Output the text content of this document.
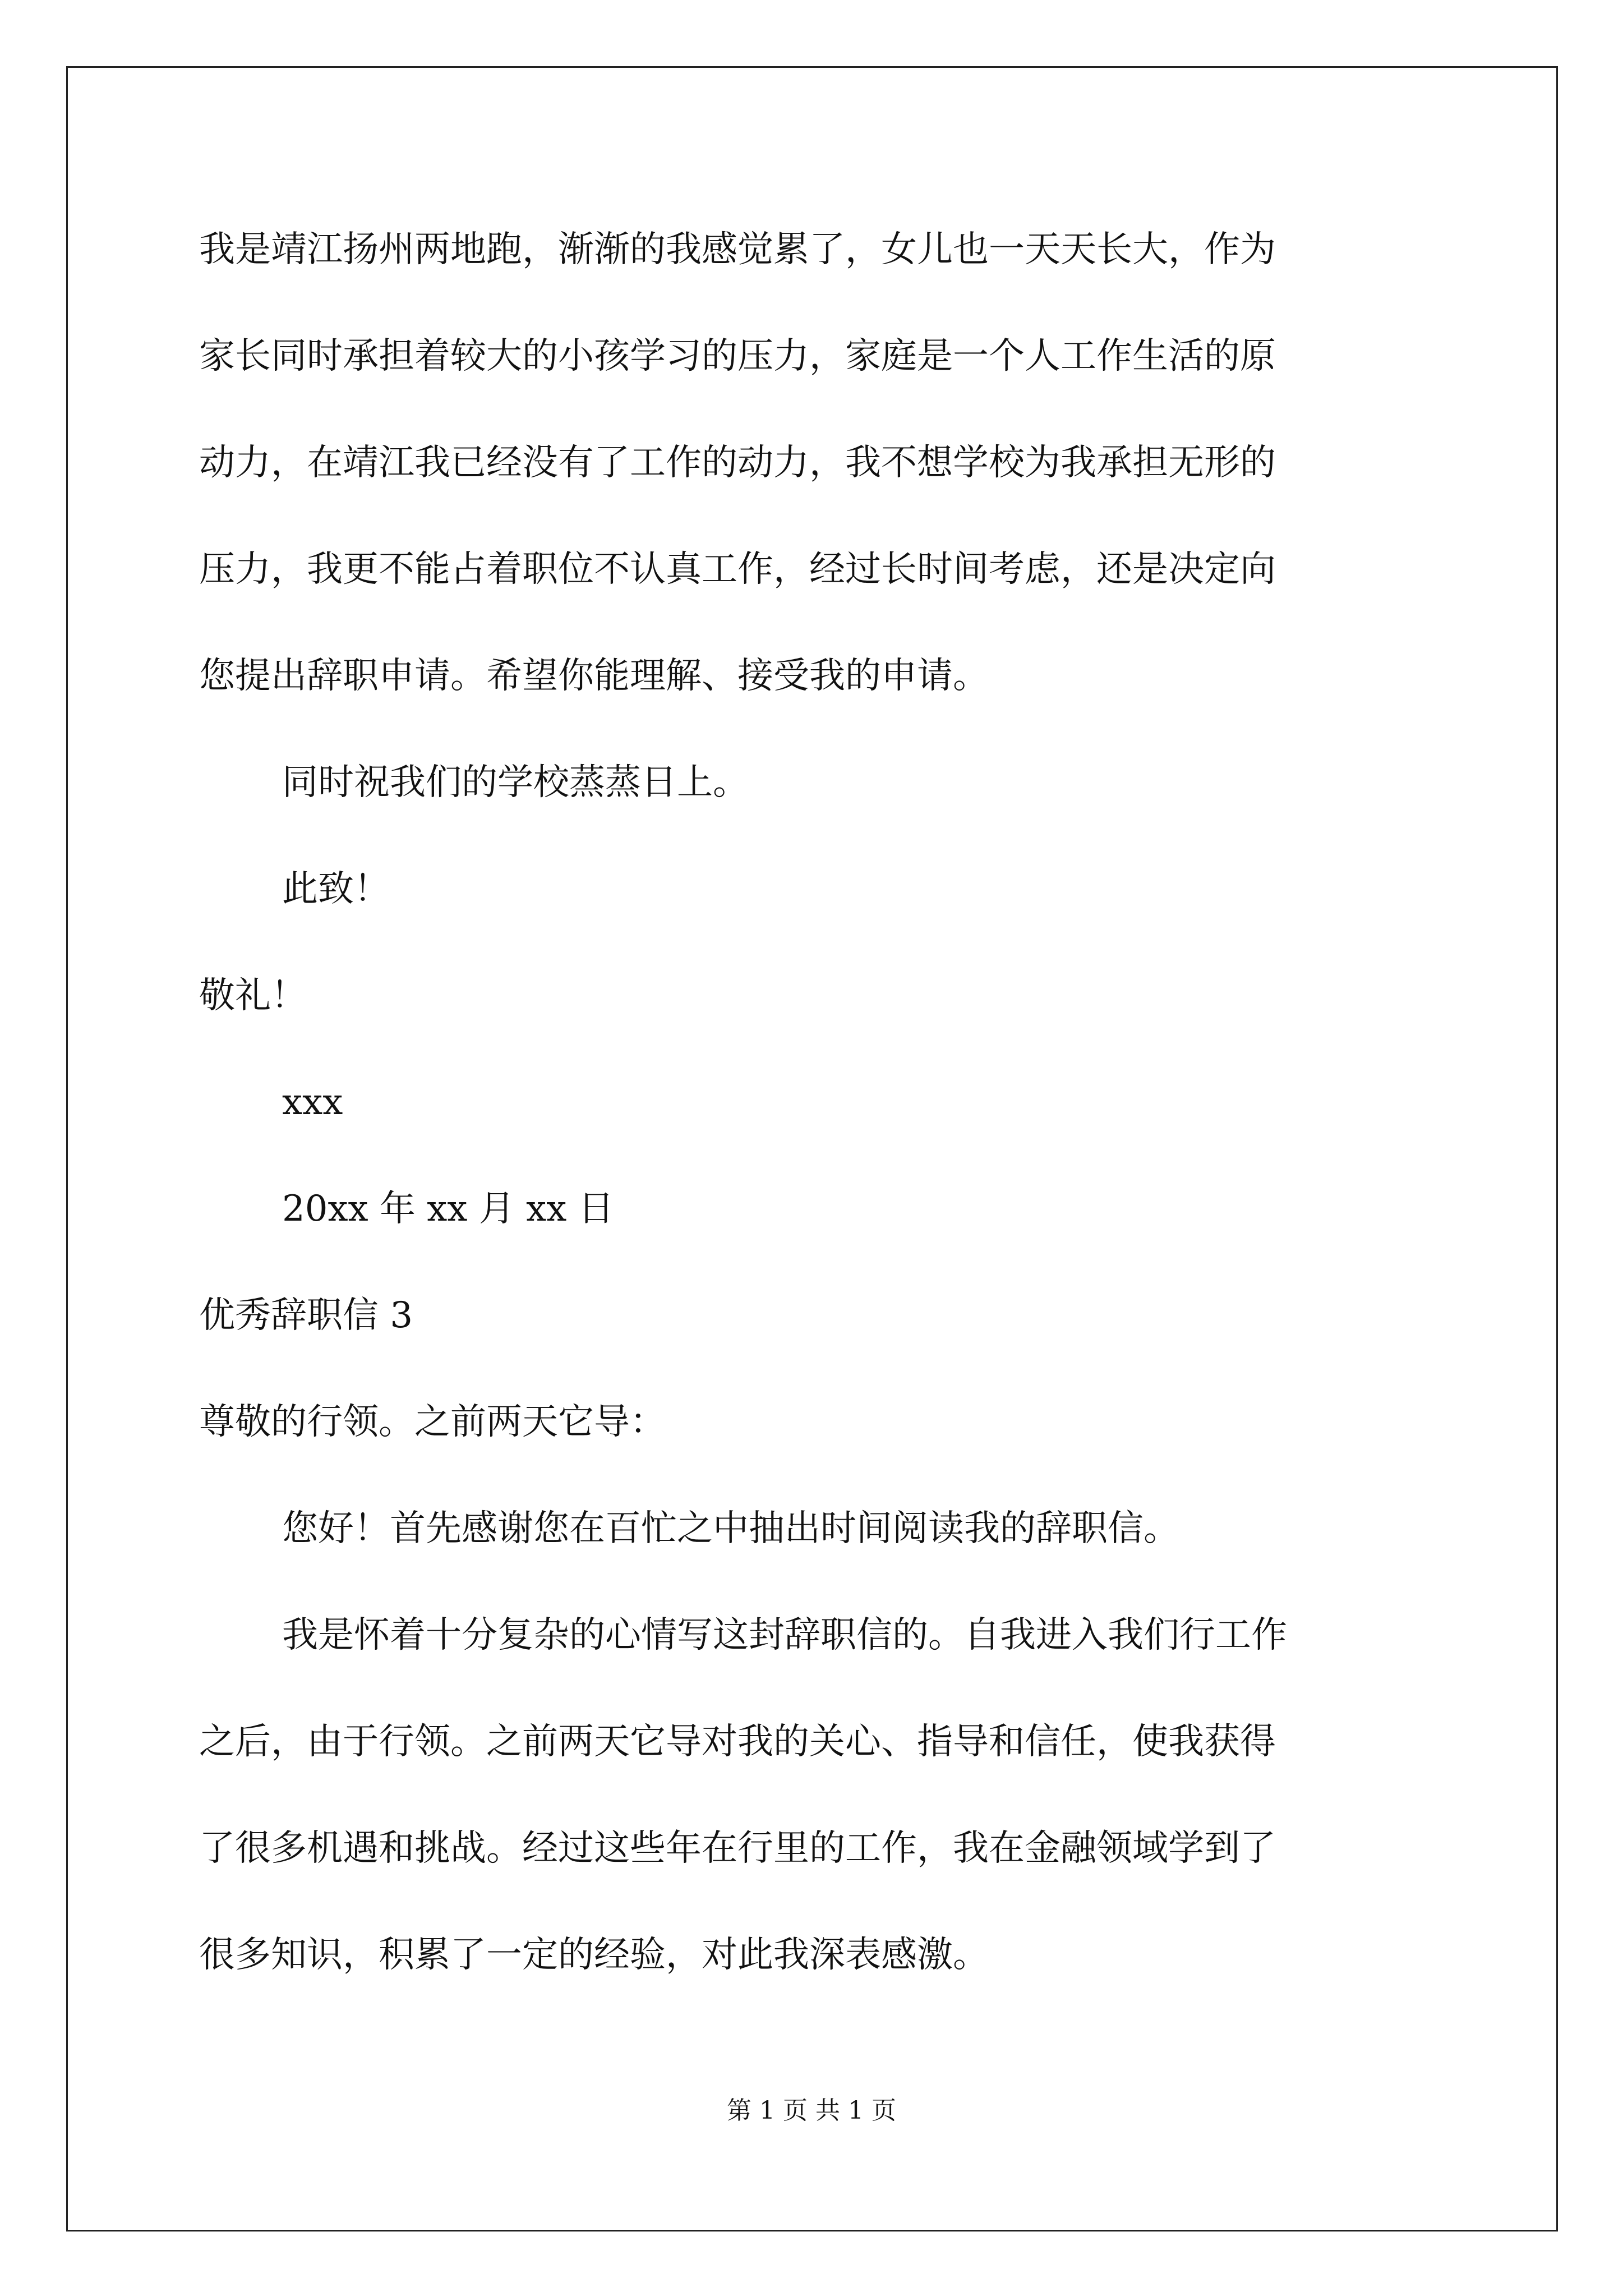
我是靖江扬州两地跑，渐渐的我感觉累了，女儿也一天天长大，作为
家长同时承担着较大的小孩学习的压力，家庭是一个人工作生活的原
动力，在靖江我已经没有了工作的动力，我不想学校为我承担无形的
压力，我更不能占着职位不认真工作，经过长时间考虑，还是决定向
您提出辞职申请。希望你能理解、接受我的申请。
同时祝我们的学校蒸蒸日上。
此致！
敬礼！
xxx
20xx 年 xx 月 xx 日
优秀辞职信 3
尊敬的行领。之前两天它导：
您好！首先感谢您在百忙之中抽出时间阅读我的辞职信。
我是怀着十分复杂的心情写这封辞职信的。自我进入我们行工作
之后，由于行领。之前两天它导对我的关心、指导和信任，使我获得
了很多机遇和挑战。经过这些年在行里的工作，我在金融领域学到了
很多知识，积累了一定的经验，对此我深表感激。
第 1 页 共 1 页
